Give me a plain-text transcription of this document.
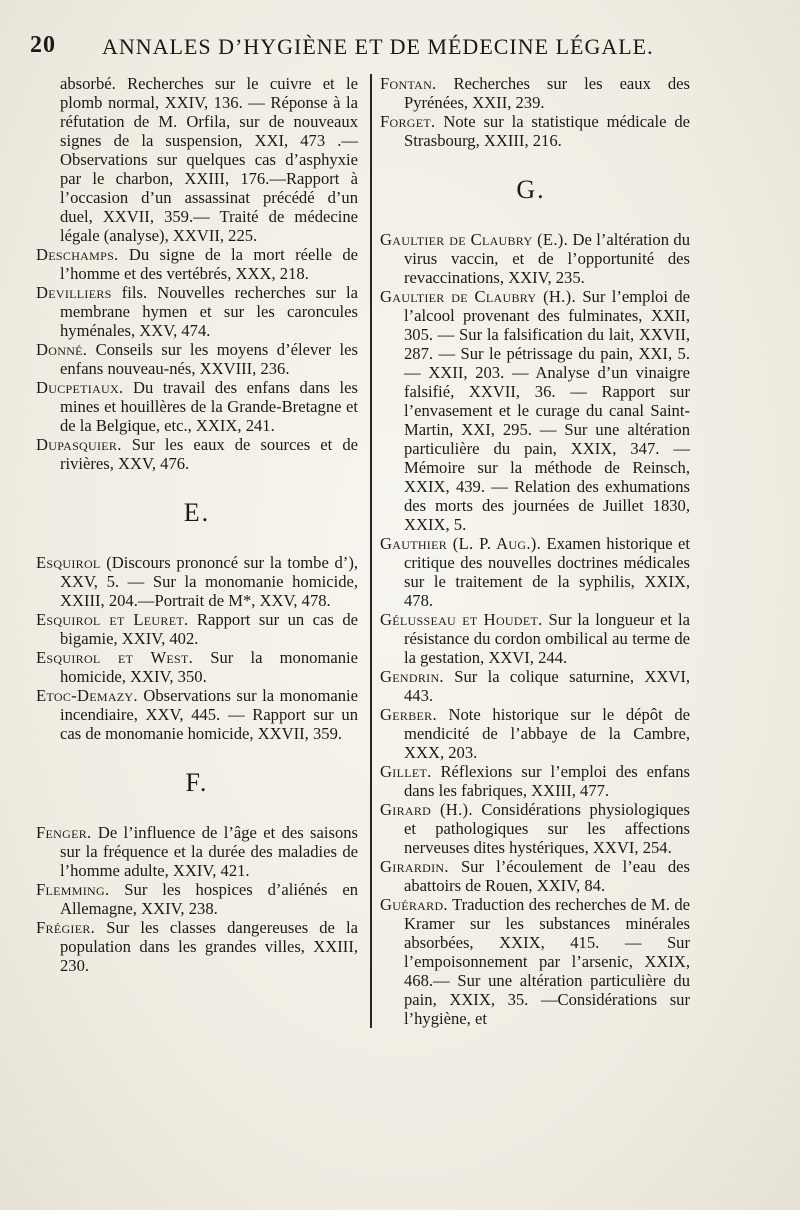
20 ANNALES D’HYGIÈNE ET DE MÉDECINE LÉGALE.
absorbé. Recherches sur le cuivre et le plomb normal, XXIV, 136. — Réponse à la réfutation de M. Orfila, sur de nouveaux signes de la suspension, XXI, 473 .— Observations sur quelques cas d’asphyxie par le charbon, XXIII, 176.—Rapport à l’occasion d’un assassinat précédé d’un duel, XXVII, 359.— Traité de médecine légale (analyse), XXVII, 225.
Deschamps. Du signe de la mort réelle de l’homme et des vertébrés, XXX, 218.
Devilliers fils. Nouvelles recherches sur la membrane hymen et sur les caroncules hyménales, XXV, 474.
Donné. Conseils sur les moyens d’élever les enfans nouveau-nés, XXVIII, 236.
Ducpetiaux. Du travail des enfans dans les mines et houillères de la Grande-Bretagne et de la Belgique, etc., XXIX, 241.
Dupasquier. Sur les eaux de sources et de rivières, XXV, 476.
E.
Esquirol (Discours prononcé sur la tombe d’), XXV, 5. — Sur la monomanie homicide, XXIII, 204.—Portrait de M*, XXV, 478.
Esquirol et Leuret. Rapport sur un cas de bigamie, XXIV, 402.
Esquirol et West. Sur la monomanie homicide, XXIV, 350.
Etoc-Demazy. Observations sur la monomanie incendiaire, XXV, 445. — Rapport sur un cas de monomanie homicide, XXVII, 359.
F.
Fenger. De l’influence de l’âge et des saisons sur la fréquence et la durée des maladies de l’homme adulte, XXIV, 421.
Flemming. Sur les hospices d’aliénés en Allemagne, XXIV, 238.
Frégier. Sur les classes dangereuses de la population dans les grandes villes, XXIII, 230.
Fontan. Recherches sur les eaux des Pyrénées, XXII, 239.
Forget. Note sur la statistique médicale de Strasbourg, XXIII, 216.
G.
Gaultier de Claubry (E.). De l’altération du virus vaccin, et de l’opportunité des revaccinations, XXIV, 235.
Gaultier de Claubry (H.). Sur l’emploi de l’alcool provenant des fulminates, XXII, 305. — Sur la falsification du lait, XXVII, 287. — Sur le pétrissage du pain, XXI, 5. — XXII, 203. — Analyse d’un vinaigre falsifié, XXVII, 36. — Rapport sur l’envasement et le curage du canal Saint-Martin, XXI, 295. — Sur une altération particulière du pain, XXIX, 347. — Mémoire sur la méthode de Reinsch, XXIX, 439. — Relation des exhumations des morts des journées de Juillet 1830, XXIX, 5.
Gauthier (L. P. Aug.). Examen historique et critique des nouvelles doctrines médicales sur le traitement de la syphilis, XXIX, 478.
Gélusseau et Houdet. Sur la longueur et la résistance du cordon ombilical au terme de la gestation, XXVI, 244.
Gendrin. Sur la colique saturnine, XXVI, 443.
Gerber. Note historique sur le dépôt de mendicité de l’abbaye de la Cambre, XXX, 203.
Gillet. Réflexions sur l’emploi des enfans dans les fabriques, XXIII, 477.
Girard (H.). Considérations physiologiques et pathologiques sur les affections nerveuses dites hystériques, XXVI, 254.
Girardin. Sur l’écoulement de l’eau des abattoirs de Rouen, XXIV, 84.
Guérard. Traduction des recherches de M. de Kramer sur les substances minérales absorbées, XXIX, 415. — Sur l’empoisonnement par l’arsenic, XXIX, 468.— Sur une altération particulière du pain, XXIX, 35. —Considérations sur l’hygiène, et
